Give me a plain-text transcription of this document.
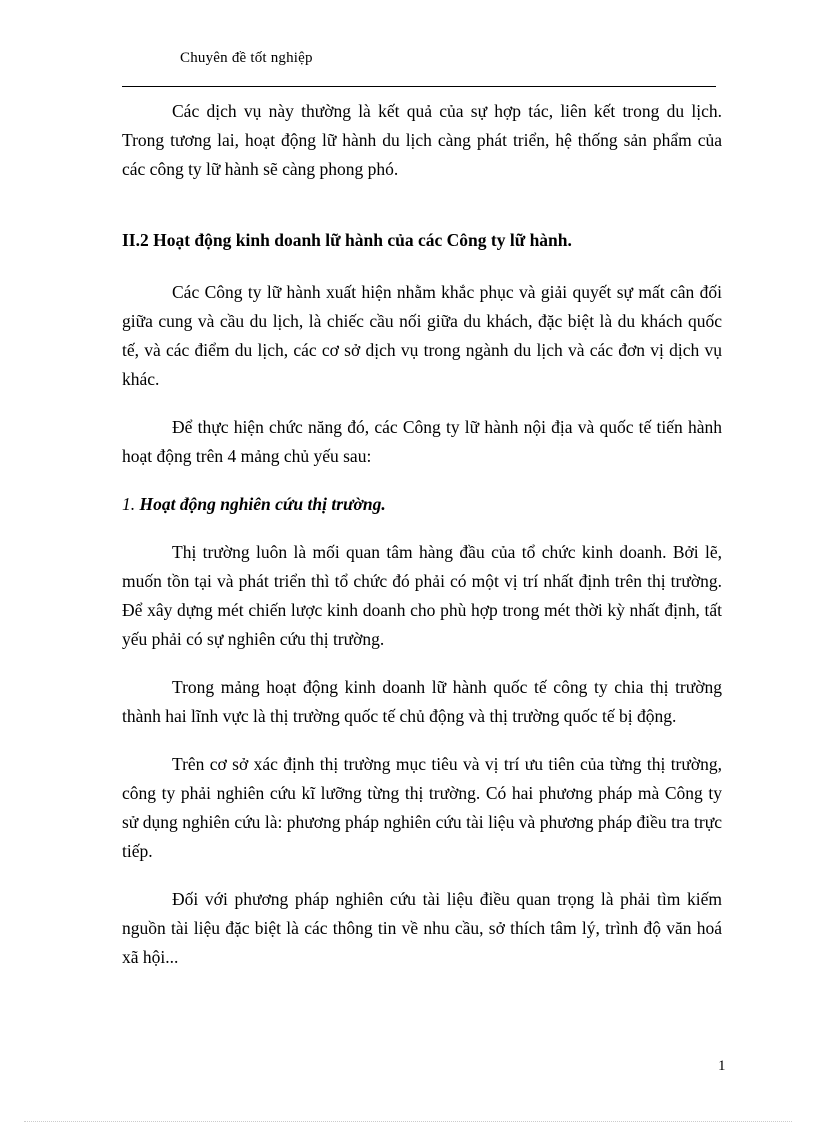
Chuyên đề tốt nghiệp

Các dịch vụ này thường là kết quả của sự hợp tác, liên kết trong du lịch. Trong tương lai, hoạt động lữ hành du lịch càng phát triển, hệ thống sản phẩm của các công ty lữ hành sẽ càng phong phó.

II.2 Hoạt động kinh doanh lữ hành của các Công ty lữ hành.

Các Công ty lữ hành xuất hiện nhằm khắc phục và giải quyết sự mất cân đối giữa cung và cầu du lịch, là chiếc cầu nối giữa du khách, đặc biệt là du khách quốc tế, và các điểm du lịch, các cơ sở dịch vụ trong ngành du lịch và các đơn vị dịch vụ khác.

Để thực hiện chức năng đó, các Công ty lữ hành nội địa và quốc tế tiến hành hoạt động trên 4 mảng chủ yếu sau:

1. Hoạt động nghiên cứu thị trường.

Thị trường luôn là mối quan tâm hàng đầu của tổ chức kinh doanh. Bởi lẽ, muốn tồn tại và phát triển thì tổ chức đó phải có một vị trí nhất định trên thị trường. Để xây dựng mét chiến lược kinh doanh cho phù hợp trong mét thời kỳ nhất định, tất yếu phải có sự nghiên cứu thị trường.

Trong mảng hoạt động kinh doanh lữ hành quốc tế công ty chia thị trường thành hai lĩnh vực là thị trường quốc tế chủ động và thị trường quốc tế bị động.

Trên cơ sở xác định thị trường mục tiêu và vị trí ưu tiên của từng thị trường, công ty phải nghiên cứu kĩ lưỡng từng thị trường. Có hai phương pháp mà Công ty sử dụng nghiên cứu là: phương pháp nghiên cứu tài liệu và phương pháp điều tra trực tiếp.

Đối với phương pháp nghiên cứu tài liệu điều quan trọng là phải tìm kiếm nguồn tài liệu đặc biệt là các thông tin về nhu cầu, sở thích tâm lý, trình độ văn hoá xã hội...

1
